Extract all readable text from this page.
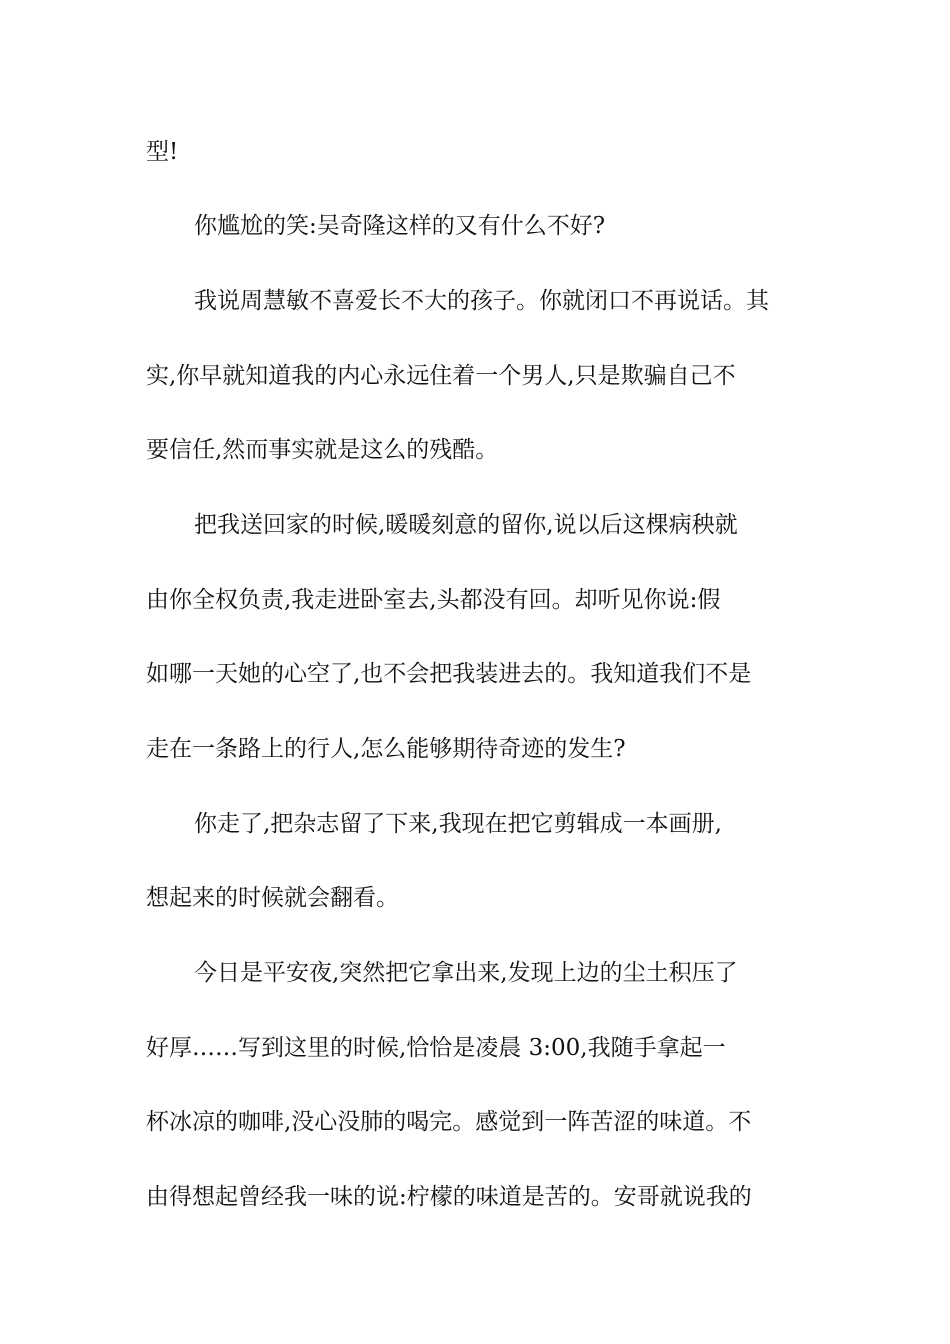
型!
你尴尬的笑:吴奇隆这样的又有什么不好?
我说周慧敏不喜爱长不大的孩子。你就闭口不再说话。其
实,你早就知道我的内心永远住着一个男人,只是欺骗自己不
要信任,然而事实就是这么的残酷。
把我送回家的时候,暖暖刻意的留你,说以后这棵病秧就
由你全权负责,我走进卧室去,头都没有回。却听见你说:假
如哪一天她的心空了,也不会把我装进去的。我知道我们不是
走在一条路上的行人,怎么能够期待奇迹的发生?
你走了,把杂志留了下来,我现在把它剪辑成一本画册,
想起来的时候就会翻看。
今日是平安夜,突然把它拿出来,发现上边的尘土积压了
好厚……写到这里的时候,恰恰是凌晨 3:00,我随手拿起一
杯冰凉的咖啡,没心没肺的喝完。感觉到一阵苦涩的味道。不
由得想起曾经我一味的说:柠檬的味道是苦的。安哥就说我的
